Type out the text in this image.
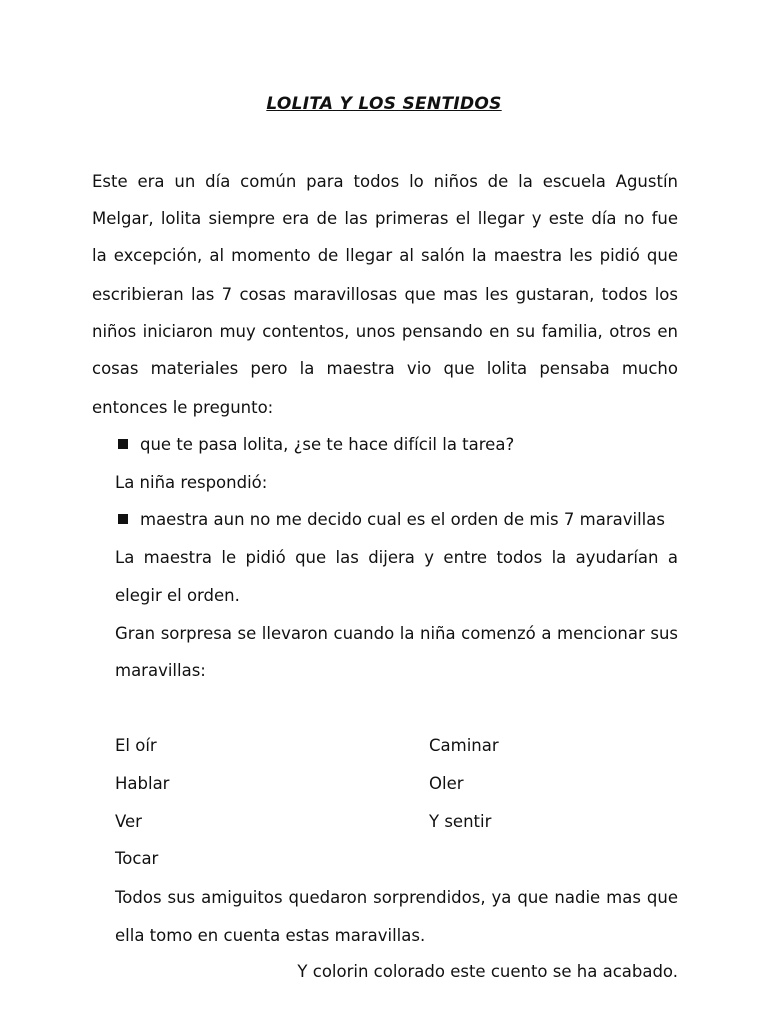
LOLITA Y LOS SENTIDOS
Este era un día común para todos lo niños de la escuela Agustín
Melgar, lolita siempre era de las primeras el llegar y este día no fue
la excepción, al momento de llegar al salón la maestra les pidió que
escribieran las 7 cosas maravillosas que mas les gustaran, todos los
niños iniciaron muy contentos, unos pensando en su familia, otros en
cosas materiales pero la maestra vio que lolita pensaba mucho
entonces le pregunto:
que te pasa lolita, ¿se te hace difícil la tarea?
La niña respondió:
maestra aun no me decido cual es el orden de mis 7 maravillas
La maestra le pidió que las dijera y entre todos la ayudarían a
elegir el orden.
Gran sorpresa se llevaron cuando la niña comenzó a mencionar sus
maravillas:
El oír
Hablar
Ver
Tocar
Caminar
Oler
Y sentir
Todos sus amiguitos quedaron sorprendidos, ya que nadie mas que
ella tomo en cuenta estas maravillas.
Y colorin colorado este cuento se ha acabado.
